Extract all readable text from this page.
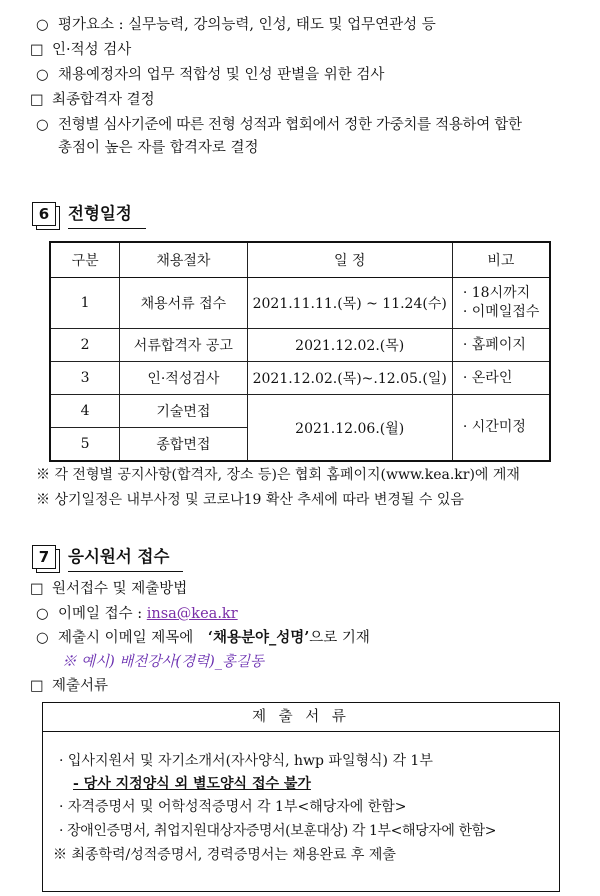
○ 평가요소 : 실무능력, 강의능력, 인성, 태도 및 업무연관성 등
□ 인·적성 검사
○ 채용예정자의 업무 적합성 및 인성 판별을 위한 검사
□ 최종합격자 결정
○ 전형별 심사기준에 따른 전형 성적과 협회에서 정한 가중치를 적용하여 합한
총점이 높은 자를 합격자로 결정
6	전형일정
구분	채용절차	일 정	비고
1	채용서류 접수	2021.11.11.(목) ~ 11.24(수)	· 18시까지
· 이메일접수

2	서류합격자 공고	2021.12.02.(목)	· 홈페이지
3	인·적성검사	2021.12.02.(목)~.12.05.(일)	· 온라인
4	기술면접	2021.12.06.(월)	· 시간미정
5	종합면접		
※ 각 전형별 공지사항(합격자, 장소 등)은 협회 홈페이지(www.kea.kr)에 게재
※ 상기일정은 내부사정 및 코로나19 확산 추세에 따라 변경될 수 있음
7	응시원서 접수
□ 원서접수 및 제출방법
○ 이메일 접수 : insa@kea.kr
○ 제출시 이메일 제목에 ‘채용분야_성명’으로 기재
※ 예시) 배전강사(경력)_홍길동
□ 제출서류
제 출 서 류
· 입사지원서 및 자기소개서(자사양식, hwp 파일형식) 각 1부
- 당사 지정양식 외 별도양식 접수 불가
· 자격증명서 및 어학성적증명서 각 1부<해당자에 한함>
· 장애인증명서, 취업지원대상자증명서(보훈대상) 각 1부<해당자에 한함>
※ 최종학력/성적증명서, 경력증명서는 채용완료 후 제출
